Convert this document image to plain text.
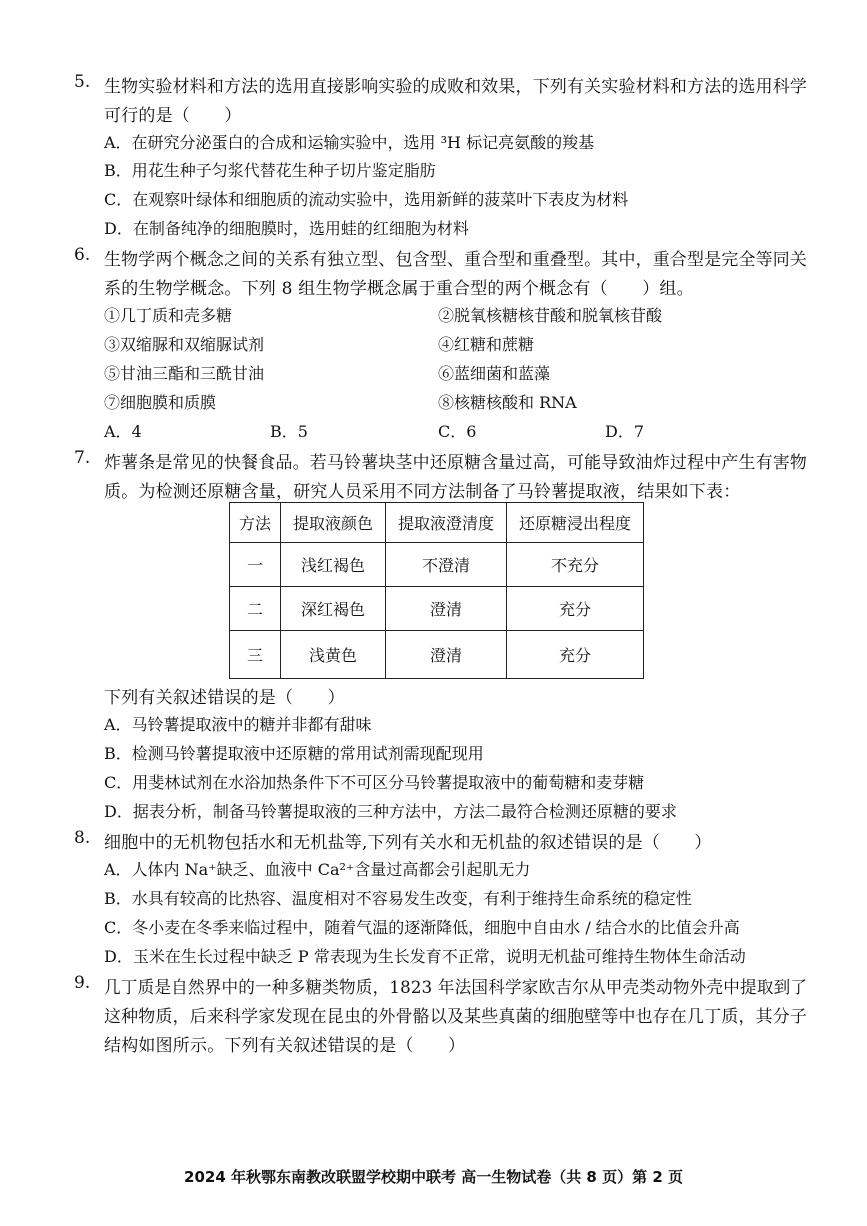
5. 生物实验材料和方法的选用直接影响实验的成败和效果，下列有关实验材料和方法的选用科学
可行的是（　　）
A．在研究分泌蛋白的合成和运输实验中，选用 ³H 标记亮氨酸的羧基
B．用花生种子匀浆代替花生种子切片鉴定脂肪
C．在观察叶绿体和细胞质的流动实验中，选用新鲜的菠菜叶下表皮为材料
D．在制备纯净的细胞膜时，选用蛙的红细胞为材料
6. 生物学两个概念之间的关系有独立型、包含型、重合型和重叠型。其中，重合型是完全等同关
系的生物学概念。下列 8 组生物学概念属于重合型的两个概念有（　　）组。
①几丁质和壳多糖	②脱氧核糖核苷酸和脱氧核苷酸
③双缩脲和双缩脲试剂	④红糖和蔗糖
⑤甘油三酯和三酰甘油	⑥蓝细菌和蓝藻
⑦细胞膜和质膜	⑧核糖核酸和 RNA
A．4	B．5	C．6	D．7
7. 炸薯条是常见的快餐食品。若马铃薯块茎中还原糖含量过高，可能导致油炸过程中产生有害物
质。为检测还原糖含量，研究人员采用不同方法制备了马铃薯提取液，结果如下表：
方法	提取液颜色	提取液澄清度	还原糖浸出程度
一	浅红褐色	不澄清	不充分
二	深红褐色	澄清	充分
三	浅黄色	澄清	充分
下列有关叙述错误的是（　　）
A．马铃薯提取液中的糖并非都有甜味
B．检测马铃薯提取液中还原糖的常用试剂需现配现用
C．用斐林试剂在水浴加热条件下不可区分马铃薯提取液中的葡萄糖和麦芽糖
D．据表分析，制备马铃薯提取液的三种方法中，方法二最符合检测还原糖的要求
8. 细胞中的无机物包括水和无机盐等,下列有关水和无机盐的叙述错误的是（　　）
A．人体内 Na⁺缺乏、血液中 Ca²⁺含量过高都会引起肌无力
B．水具有较高的比热容、温度相对不容易发生改变，有利于维持生命系统的稳定性
C．冬小麦在冬季来临过程中，随着气温的逐渐降低，细胞中自由水 / 结合水的比值会升高
D．玉米在生长过程中缺乏 P 常表现为生长发育不正常，说明无机盐可维持生物体生命活动
9. 几丁质是自然界中的一种多糖类物质，1823 年法国科学家欧吉尔从甲壳类动物外壳中提取到了
这种物质，后来科学家发现在昆虫的外骨骼以及某些真菌的细胞壁等中也存在几丁质，其分子
结构如图所示。下列有关叙述错误的是（　　）
2024 年秋鄂东南教改联盟学校期中联考 高一生物试卷（共 8 页）第 2 页
